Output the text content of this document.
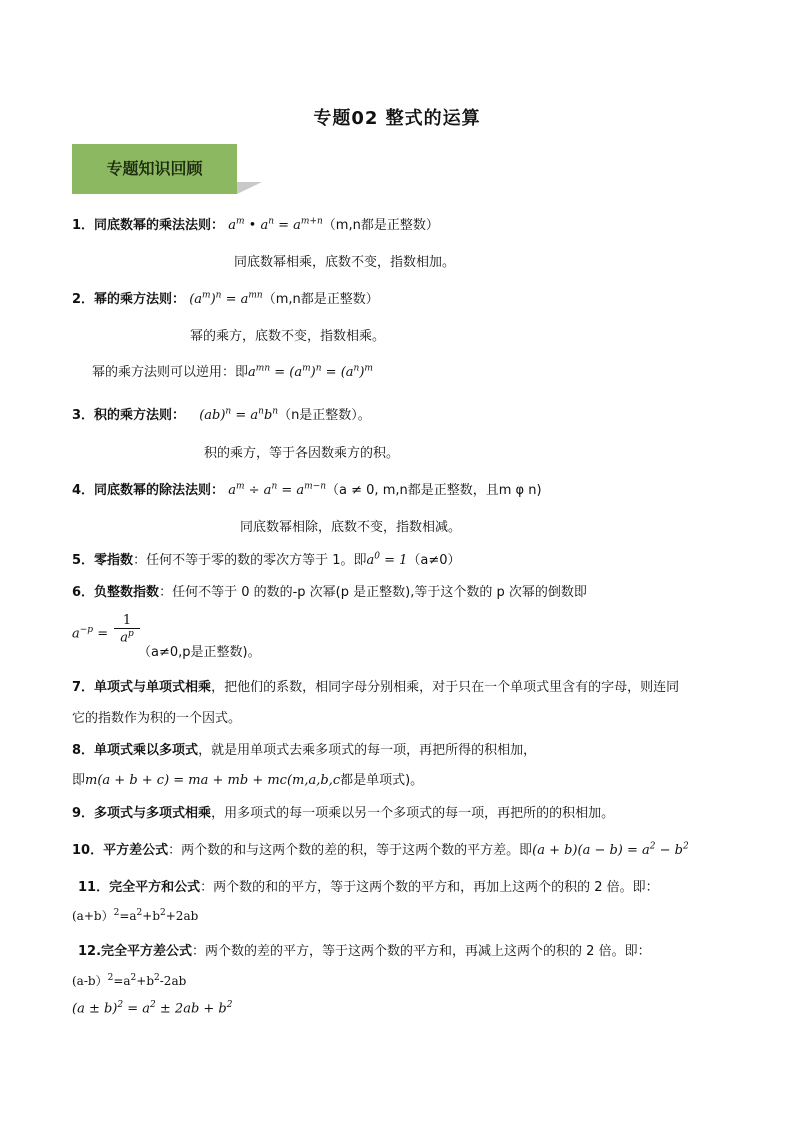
专题02 整式的运算
专题知识回顾
1．同底数幂的乘法法则： $a^m$ • $a^n = a^{m+n}(m,n$都是正整数）
同底数幂相乘，底数不变，指数相加。
2．幂的乘方法则： $(a^m)^n = a^{mn}(m,n$都是正整数）
幂的乘方，底数不变，指数相乘。
幂的乘方法则可以逆用：即$a^{mn} = (a^m)^n = (a^n)^m$
3．积的乘方法则： $(ab)^n = a^nb^n(n$是正整数）。
积的乘方，等于各因数乘方的积。
4．同底数幂的除法法则： $a^m \div a^n = a^{m-n}(a \ne 0$, m,n都是正整数，且m φ n)
同底数幂相除，底数不变，指数相减。
5．零指数：任何不等于零的数的零次方等于 1。即$a^0 = 1(a\ne 0)$
6．负整数指数：任何不等于 0 的数的-p 次幂(p 是正整数),等于这个数的 p 次幂的倒数即
$a^{-p}$ =
1
$a^p$
（a≠0,p是正整数)。
7．单项式与单项式相乘，把他们的系数，相同字母分别相乘，对于只在一个单项式里含有的字母，则连同
它的指数作为积的一个因式。
8．单项式乘以多项式，就是用单项式去乘多项式的每一项，再把所得的积相加，
即m(a + b + c) = ma + mb + mc(m,a,b,c都是单项式)。
9．多项式与多项式相乘，用多项式的每一项乘以另一个多项式的每一项，再把所的的积相加。
10．平方差公式：两个数的和与这两个数的差的积，等于这两个数的平方差。即$(a + b)(a - b) = a^2 - b^2$
11．完全平方和公式：两个数的和的平方，等于这两个数的平方和，再加上这两个的积的 2 倍。即：
$(a+b)^2=a^2+b^2+2ab$
12.完全平方差公式：两个数的差的平方，等于这两个数的平方和，再减上这两个的积的 2 倍。即：
$(a-b)^2=a^2+b^2-2ab$
$(a \pm b)^2 = a^2 \pm 2ab + b^2$
